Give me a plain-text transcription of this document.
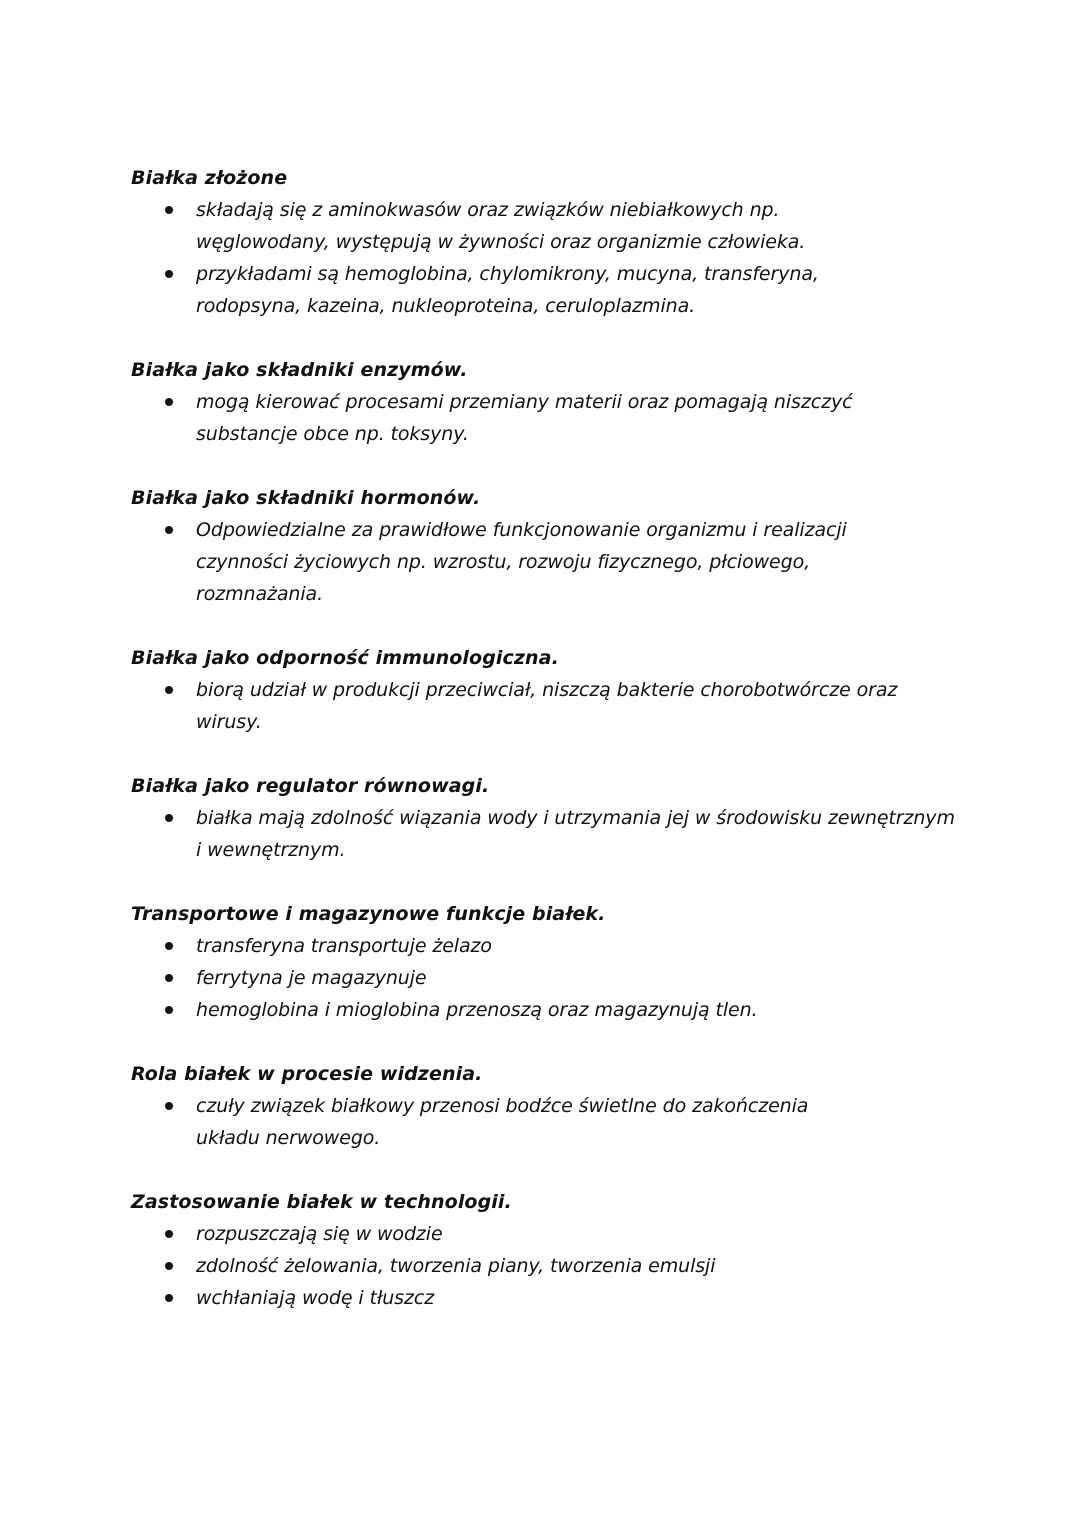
Białka złożone
składają się z aminokwasów oraz związków niebiałkowych np. węglowodany, występują w żywności oraz organizmie człowieka.
przykładami są hemoglobina, chylomikrony, mucyna, transferyna, rodopsyna, kazeina, nukleoproteina, ceruloplazmina.
Białka jako składniki enzymów.
mogą kierować procesami przemiany materii oraz pomagają niszczyć substancje obce np. toksyny.
Białka jako składniki hormonów.
Odpowiedzialne za prawidłowe funkcjonowanie organizmu i realizacji czynności życiowych np. wzrostu, rozwoju fizycznego, płciowego, rozmnażania.
Białka jako odporność immunologiczna.
biorą udział w produkcji przeciwciał, niszczą bakterie chorobotwórcze oraz wirusy.
Białka jako regulator równowagi.
białka mają zdolność wiązania wody i utrzymania jej w środowisku zewnętrznym i wewnętrznym.
Transportowe i magazynowe funkcje białek.
transferyna transportuje żelazo
ferrytyna je magazynuje
hemoglobina i mioglobina przenoszą oraz magazynują tlen.
Rola białek w procesie widzenia.
czuły związek białkowy przenosi bodźce świetlne do zakończenia układu nerwowego.
Zastosowanie białek w technologii.
rozpuszczają się w wodzie
zdolność żelowania, tworzenia piany, tworzenia emulsji
wchłaniają wodę i tłuszcz
